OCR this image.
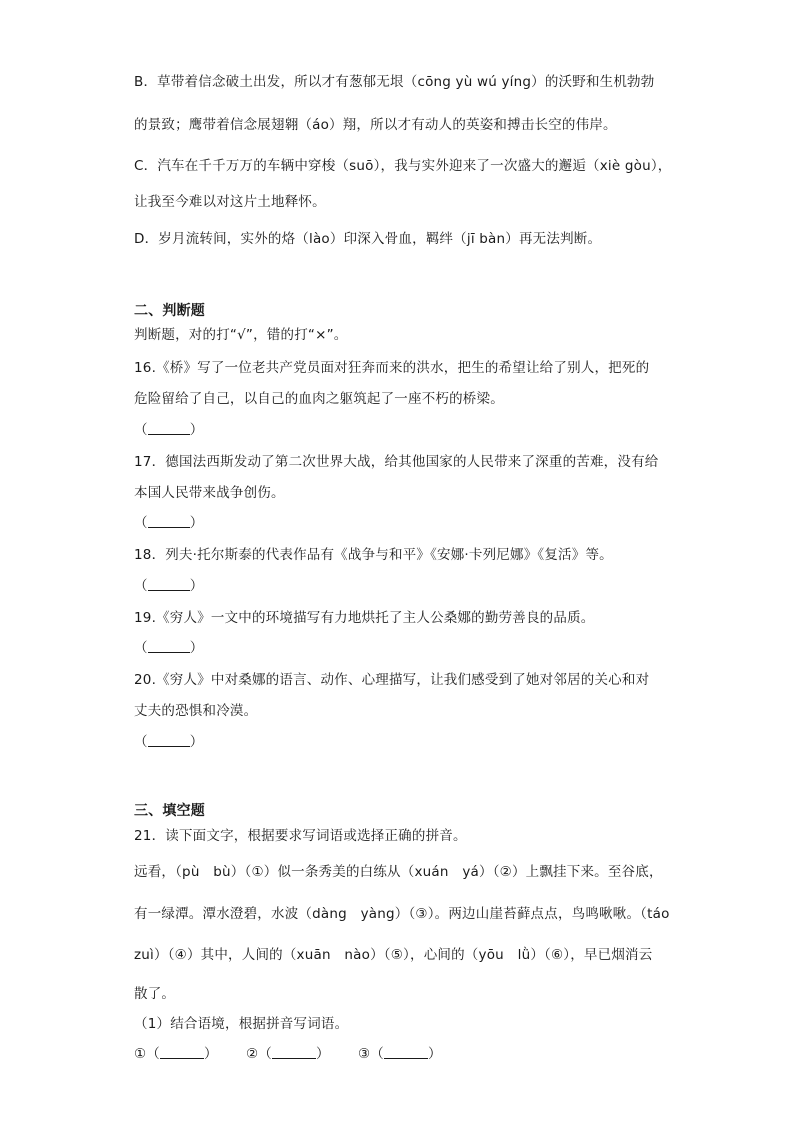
B．草带着信念破土出发，所以才有葱郁无垠（cōng yù wú yíng）的沃野和生机勃勃
的景致；鹰带着信念展翅翱（áo）翔，所以才有动人的英姿和搏击长空的伟岸。
C．汽车在千千万万的车辆中穿梭（suō），我与实外迎来了一次盛大的邂逅（xiè gòu），
让我至今难以对这片土地释怀。
D．岁月流转间，实外的烙（lào）印深入骨血，羁绊（jī bàn）再无法判断。
二、判断题
判断题，对的打“√”，错的打“×”。
16.《桥》写了一位老共产党员面对狂奔而来的洪水，把生的希望让给了别人，把死的
危险留给了自己，以自己的血肉之躯筑起了一座不朽的桥梁。
（	）
17．德国法西斯发动了第二次世界大战，给其他国家的人民带来了深重的苦难，没有给
本国人民带来战争创伤。
（	）
18．列夫·托尔斯泰的代表作品有《战争与和平》《安娜·卡列尼娜》《复活》等。
（	）
19.《穷人》一文中的环境描写有力地烘托了主人公桑娜的勤劳善良的品质。
（	）
20.《穷人》中对桑娜的语言、动作、心理描写，让我们感受到了她对邻居的关心和对
丈夫的恐惧和冷漠。
（	）
三、填空题
21．读下面文字，根据要求写词语或选择正确的拼音。
远看，（pù　bù）（①）似一条秀美的白练从（xuán　yá）（②）上飘挂下来。至谷底，
有一绿潭。潭水澄碧，水波（dàng　yàng）（③）。两边山崖苔藓点点，鸟鸣啾啾。（táo
zuì）（④）其中，人间的（xuān　nào）（⑤），心间的（yōu　lǜ）（⑥），早已烟消云
散了。
（1）结合语境，根据拼音写词语。
①（	） ②（	） ③（	）
